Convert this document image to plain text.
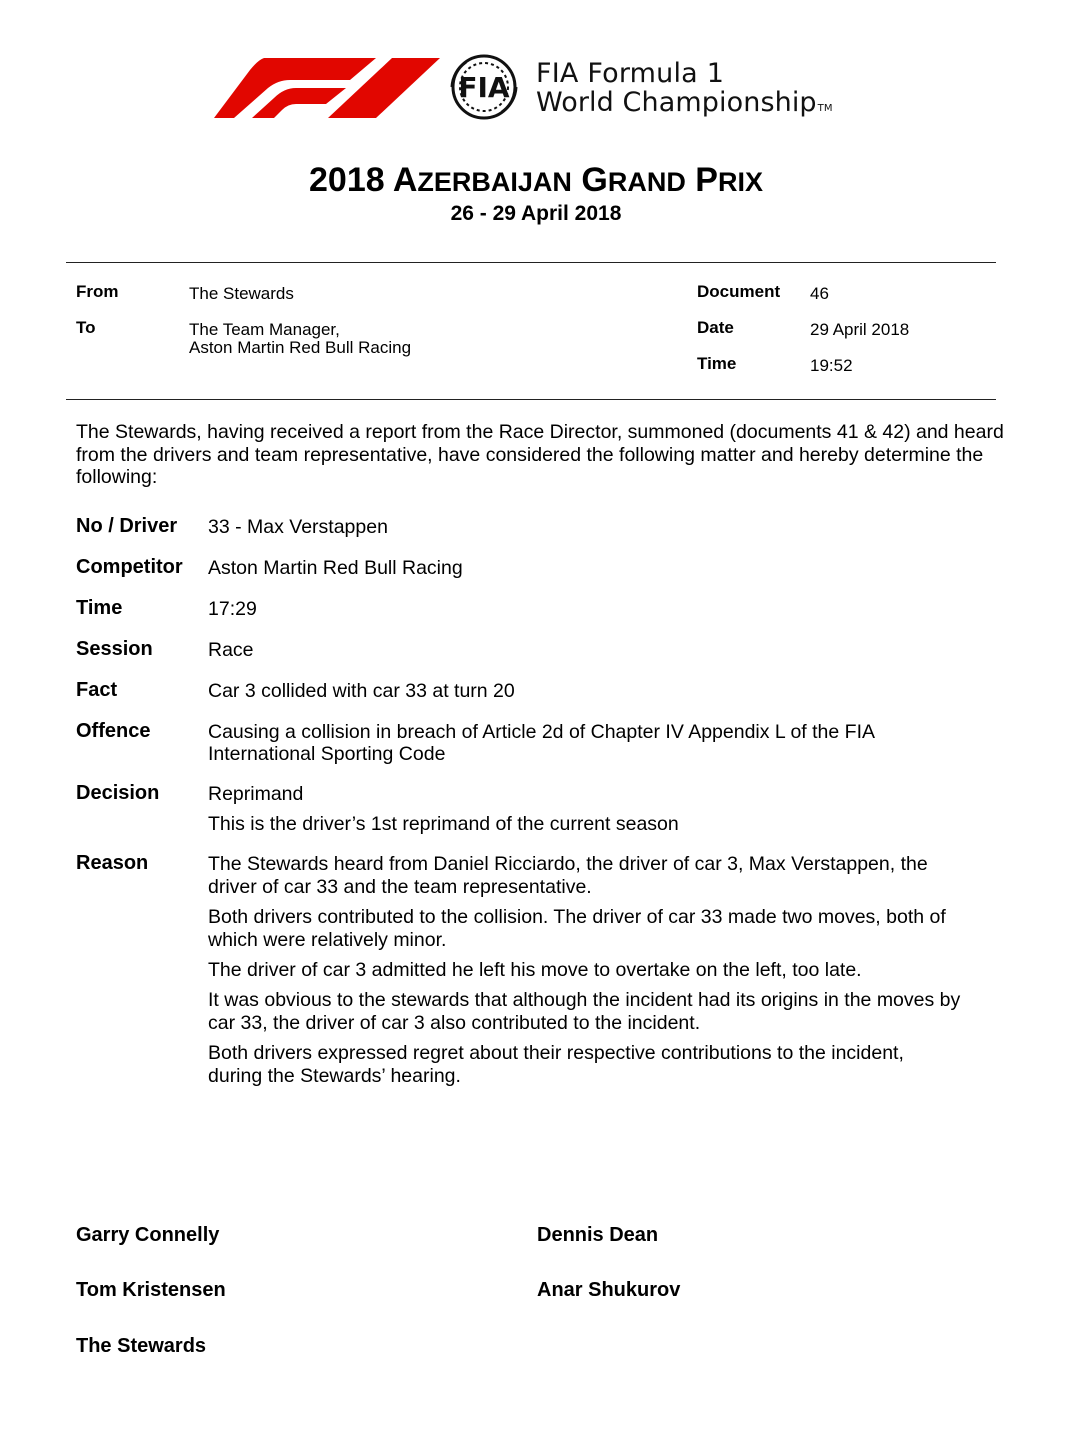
FIA FIA Formula 1
World ChampionshipTM
2018 AZERBAIJAN GRAND PRIX
26 - 29 April 2018
From	The Stewards
To	The Team Manager,
Aston Martin Red Bull Racing
Document 46
Date	29 April 2018
Time	19:52
The Stewards, having received a report from the Race Director, summoned (documents 41 & 42) and heard from the drivers and team representative, have considered the following matter and hereby determine the following:
No / Driver 33 - Max Verstappen
Competitor Aston Martin Red Bull Racing
Time	17:29
Session	Race
Fact	Car 3 collided with car 33 at turn 20
Offence	Causing a collision in breach of Article 2d of Chapter IV Appendix L of the FIA
International Sporting Code
Decision Reprimand
This is the driver’s 1st reprimand of the current season
Reason	The Stewards heard from Daniel Ricciardo, the driver of car 3, Max Verstappen, the
driver of car 33 and the team representative.
Both drivers contributed to the collision. The driver of car 33 made two moves, both of
which were relatively minor.
The driver of car 3 admitted he left his move to overtake on the left, too late.
It was obvious to the stewards that although the incident had its origins in the moves by
car 33, the driver of car 3 also contributed to the incident.
Both drivers expressed regret about their respective contributions to the incident,
during the Stewards’ hearing.
Garry Connelly	Dennis Dean
Tom Kristensen	Anar Shukurov
The Stewards
